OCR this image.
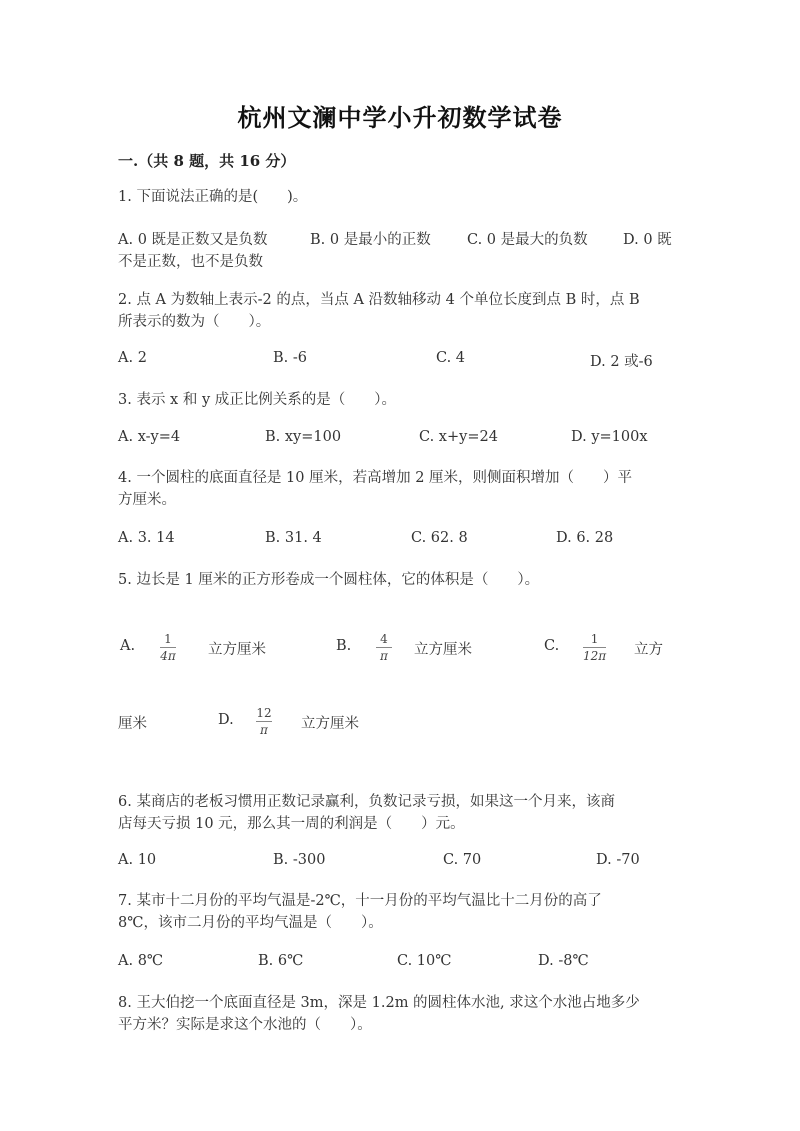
杭州文澜中学小升初数学试卷
一.（共 8 题，共 16 分）
1. 下面说法正确的是(　　)。
A. 0 既是正数又是负数	B. 0 是最小的正数	C. 0 是最大的负数 D. 0 既
不是正数，也不是负数
2. 点 A 为数轴上表示-2 的点，当点 A 沿数轴移动 4 个单位长度到点 B 时，点 B
所表示的数为（　　）。
A. 2	B. -6	C. 4	D. 2 或-6
3. 表示 x 和 y 成正比例关系的是（　　）。
A. x-y=4	B. xy=100	C. x+y=24	D. y=100x
4. 一个圆柱的底面直径是 10 厘米，若高增加 2 厘米，则侧面积增加（　　）平
方厘米。
A. 3. 14	B. 31. 4	C. 62. 8	D. 6. 28
5. 边长是 1 厘米的正方形卷成一个圆柱体，它的体积是（　　）。
A. 1
4π 立方厘米	B. 4
π 立方厘米	C.	1
12π 立方
厘米	D. 12
π 立方厘米
6. 某商店的老板习惯用正数记录赢利，负数记录亏损，如果这一个月来，该商
店每天亏损 10 元，那么其一周的利润是（　　）元。
A. 10	B. -300	C. 70	D. -70
7. 某市十二月份的平均气温是-2℃，十一月份的平均气温比十二月份的高了
8℃，该市二月份的平均气温是（　　）。
A. 8℃	B. 6℃	C. 10℃	D. -8℃
8. 王大伯挖一个底面直径是 3m，深是 1.2m 的圆柱体水池, 求这个水池占地多少
平方米？实际是求这个水池的（　　）。
